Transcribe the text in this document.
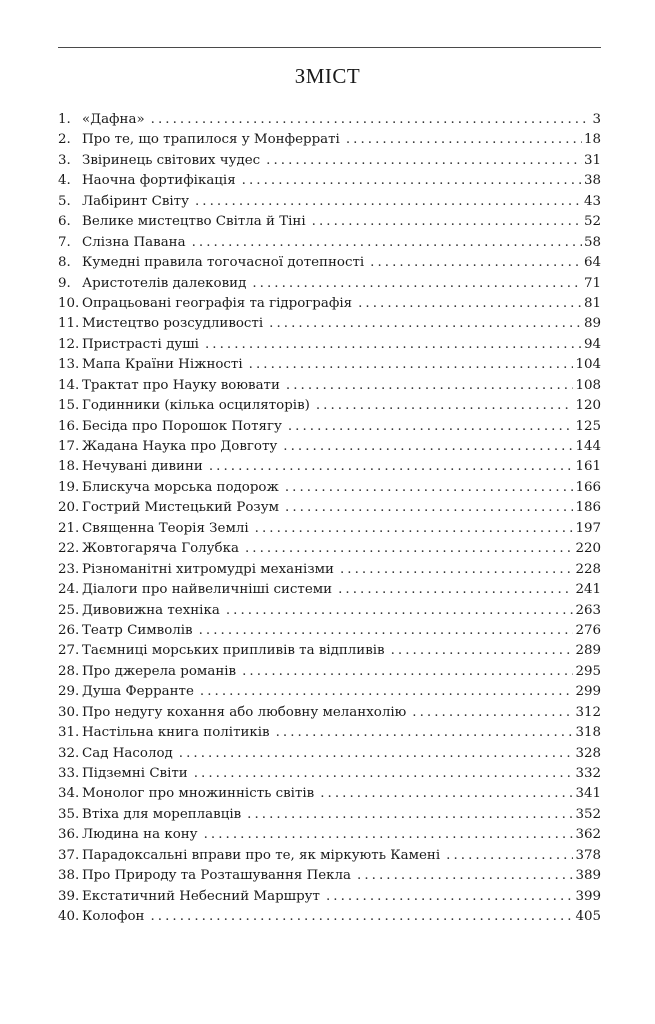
ЗМІСТ
1. «Дафна» . . .	3
2. Про те, що трапилося у Монферраті . . .	18
3. Звіринець світових чудес . . .	31
4. Наочна фортифікація . . .	38
5. Лабіринт Світу . . .	43
6. Велике мистецтво Світла й Тіні . . .	52
7. Слізна Павана . . .	58
8. Кумедні правила тогочасної дотепності . . .	64
9. Аристотелів далековид . . .	71
10. Опрацьовані географія та гідрографія . . .	81
11. Мистецтво розсудливості . . .	89
12. Пристрасті душі . . .	94
13. Мапа Країни Ніжності . . .	104
14. Трактат про Науку воювати . . .	108
15. Годинники (кілька осциляторів) . . .	120
16. Бесіда про Порошок Потягу . . .	125
17. Жадана Наука про Довготу . . .	144
18. Нечувані дивини . . .	161
19. Блискуча морська подорож . . .	166
20. Гострий Мистецький Розум . . .	186
21. Священна Теорія Землі . . .	197
22. Жовтогаряча Голубка . . .	220
23. Різноманітні хитромудрі механізми . . .	228
24. Діалоги про найвеличніші системи . . .	241
25. Дивовижна техніка . . .	263
26. Театр Символів . . .	276
27. Таємниці морських припливів та відпливів . . .	289
28. Про джерела романів . . .	295
29. Душа Ферранте . . .	299
30. Про недугу кохання або любовну меланхолію . . .	312
31. Настільна книга політиків . . .	318
32. Сад Насолод . . .	328
33. Підземні Світи . . .	332
34. Монолог про множинність світів . . .	341
35. Втіха для мореплавців . . .	352
36. Людина на кону . . .	362
37. Парадоксальні вправи про те, як міркують Камені . . .	378
38. Про Природу та Розташування Пекла . . .	389
39. Екстатичний Небесний Маршрут . . .	399
40. Колофон . . .	405
